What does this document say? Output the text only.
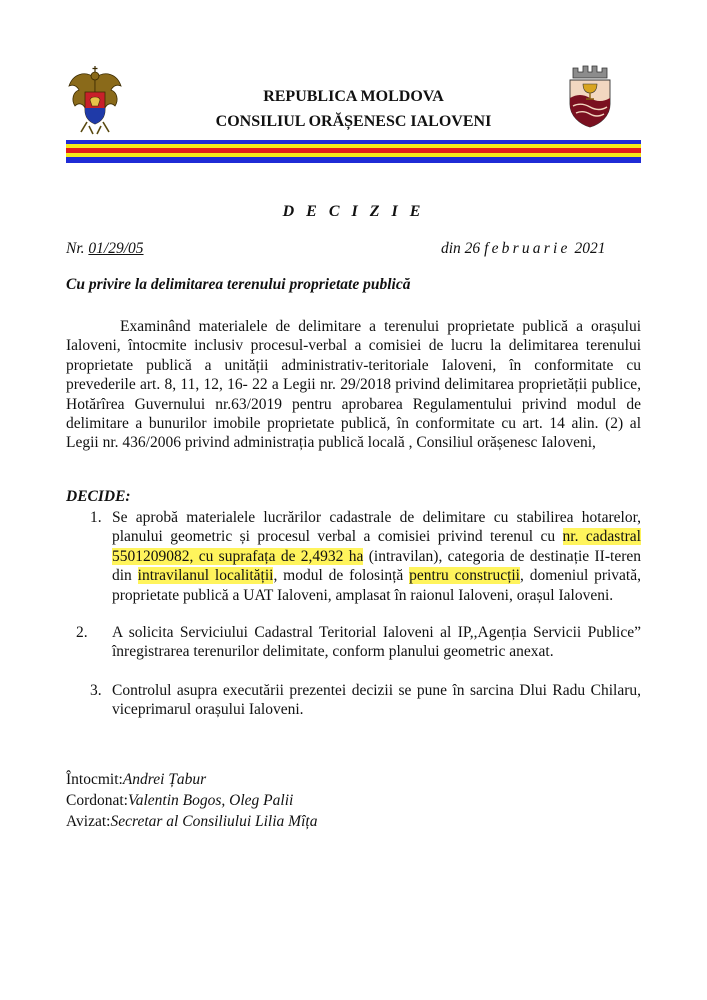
REPUBLICA MOLDOVA
CONSILIUL ORĂȘENESC IALOVENI
D E C I Z I E
Nr. 01/29/05	din 26 februarie 2021
Cu privire la delimitarea terenului proprietate publică
Examinând materialele de delimitare a terenului proprietate publică a orașului Ialoveni, întocmite inclusiv procesul-verbal a comisiei de lucru la delimitarea terenului proprietate publică a unității administrativ-teritoriale Ialoveni, în conformitate cu prevederile art. 8, 11, 12, 16- 22 a Legii nr. 29/2018 privind delimitarea proprietății publice, Hotărîrea Guvernului nr.63/2019 pentru aprobarea Regulamentului privind modul de delimitare a bunurilor imobile proprietate publică, în conformitate cu art. 14 alin. (2) al Legii nr. 436/2006 privind administrația publică locală , Consiliul orășenesc Ialoveni,
DECIDE:
1. Se aprobă materialele lucrărilor cadastrale de delimitare cu stabilirea hotarelor, planului geometric și procesul verbal a comisiei privind terenul cu nr. cadastral 5501209082, cu suprafața de 2,4932 ha (intravilan), categoria de destinație II-teren din intravilanul localității, modul de folosință pentru construcții, domeniul privată, proprietate publică a UAT Ialoveni, amplasat în raionul Ialoveni, orașul Ialoveni.
2. A solicita Serviciului Cadastral Teritorial Ialoveni al IP,,Agenția Servicii Publice” înregistrarea terenurilor delimitate, conform planului geometric anexat.
3. Controlul asupra executării prezentei decizii se pune în sarcina Dlui Radu Chilaru, viceprimarul orașului Ialoveni.
Întocmit:Andrei Țabur
Cordonat:Valentin Bogos, Oleg Palii
Avizat:Secretar al Consiliului Lilia Mîța
